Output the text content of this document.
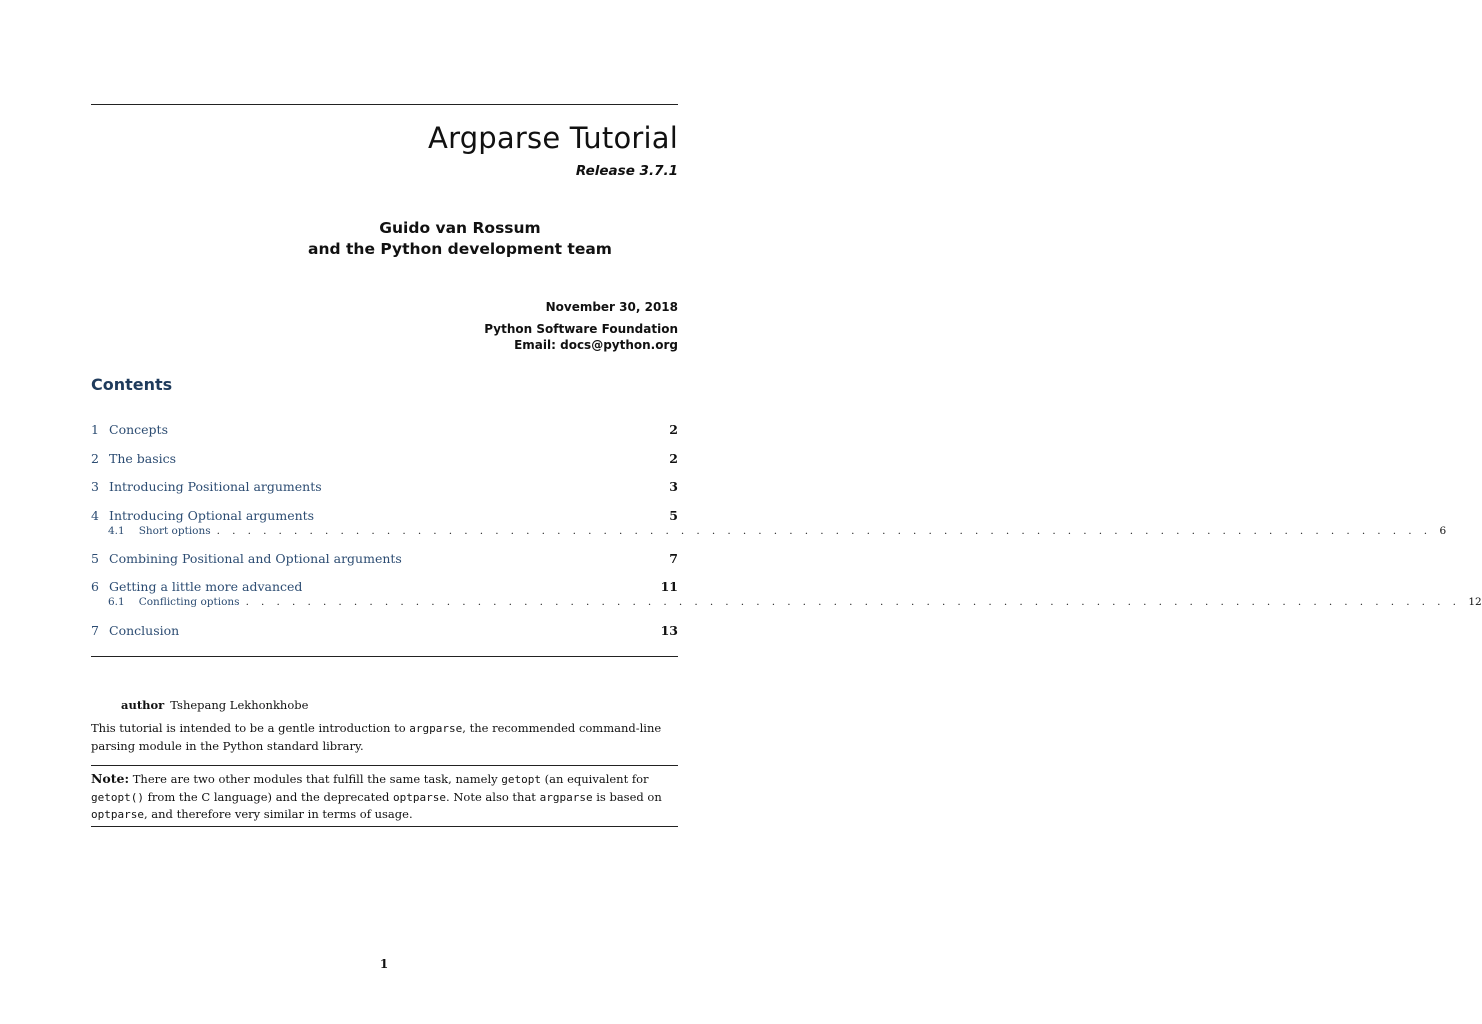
Argparse Tutorial
Release 3.7.1
Guido van Rossum
and the Python development team
November 30, 2018
Python Software Foundation
Email: docs@python.org
Contents
1 Concepts	2
2 The basics	2
3 Introducing Positional arguments	3
4 Introducing Optional arguments	5
4.1 Short options . . . . . . . . . . . . . . . . . . . . . . . . . . . . . . . . . . . . . . . . . . . . . . . . . . . . . . . . . . . . . . . . . . . . . . . . . . . . . . . 6
5 Combining Positional and Optional arguments	7
6 Getting a little more advanced	11
6.1 Conflicting options . . . . . . . . . . . . . . . . . . . . . . . . . . . . . . . . . . . . . . . . . . . . . . . . . . . . . . . . . . . . . . . . . . . . . . . . . . . . . . . 12
7 Conclusion	13
author Tshepang Lekhonkhobe
This tutorial is intended to be a gentle introduction to argparse, the recommended command-line parsing module in the Python standard library.
Note: There are two other modules that fulfill the same task, namely getopt (an equivalent for getopt() from the C language) and the deprecated optparse. Note also that argparse is based on optparse, and therefore very similar in terms of usage.
1
